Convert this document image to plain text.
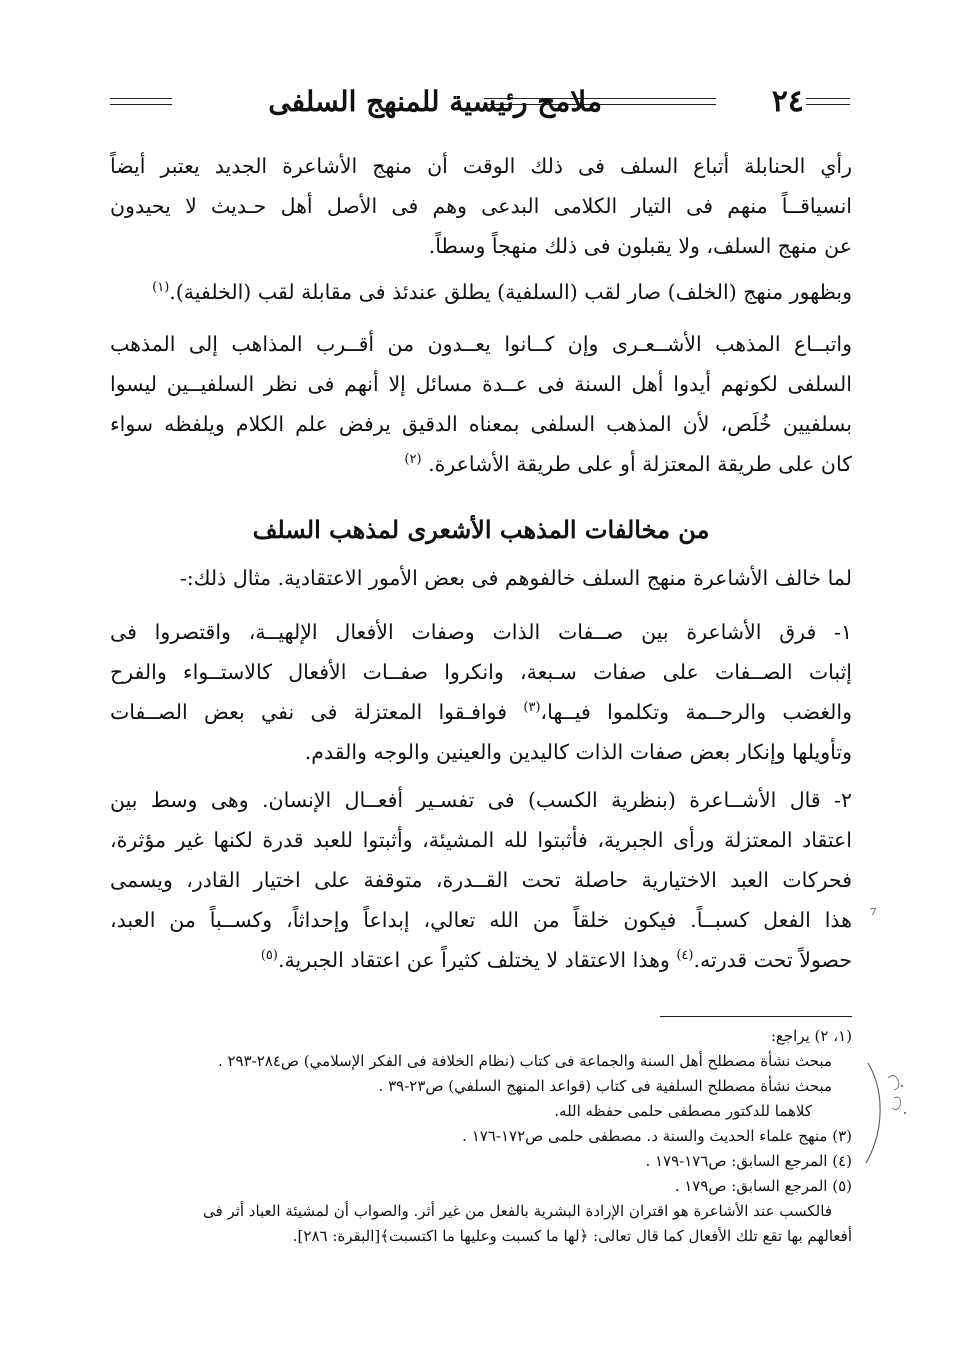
٢٤
ملامح رئيسية للمنهج السلفى
رأي الحنابلة أتباع السلف فى ذلك الوقت أن منهج الأشاعرة الجديد يعتبر أيضاً
انسياقــاً منهم فى التيار الكلامى البدعى وهم فى الأصل أهل حـديث لا يحيدون
عن منهج السلف، ولا يقبلون فى ذلك منهجاً وسطاً.
وبظهور منهج (الخلف) صار لقب (السلفية) يطلق عندئذ فى مقابلة لقب (الخلفية).$^{(١)}$
واتبــاع المذهب الأشــعـرى وإن كــانوا يعــدون من أقــرب المذاهب إلى المذهب
السلفى لكونهم أيدوا أهل السنة فى عــدة مسائل إلا أنهم فى نظر السلفيــين ليسوا
بسلفيين خُلَص، لأن المذهب السلفى بمعناه الدقيق يرفض علم الكلام ويلفظه سواء
كان على طريقة المعتزلة أو على طريقة الأشاعرة. $^{(٢)}$
من مخالفات المذهب الأشعرى لمذهب السلف
لما خالف الأشاعرة منهج السلف خالفوهم فى بعض الأمور الاعتقادية. مثال ذلك:-
١- فرق الأشاعرة بين صــفات الذات وصفات الأفعال الإلهيــة، واقتصروا فى
إثبات الصــفات على صفات سـبعة، وانكروا صفــات الأفعال كالاستــواء والفرح
والغضب والرحــمة وتكلموا فيــها،$^{(٣)}$ فوافـقوا المعتزلة فى نفي بعض الصــفات
وتأويلها وإنكار بعض صفات الذات كاليدين والعينين والوجه والقدم.
٢- قال الأشــاعرة (بنظرية الكسب) فى تفسـير أفعــال الإنسان. وهى وسط بين
اعتقاد المعتزلة ورأى الجبرية، فأثبتوا لله المشيئة، وأثبتوا للعبد قدرة لكنها غير مؤثرة،
فحركات العبد الاختيارية حاصلة تحت القــدرة، متوقفة على اختيار القادر، ويسمى
هذا الفعل كسبــاً. فيكون خلقاً من الله تعالي، إبداعاً وإحداثاً، وكســباً من العبد،
حصولاً تحت قدرته.$^{(٤)}$ وهذا الاعتقاد لا يختلف كثيراً عن اعتقاد الجبرية.$^{(٥)}$
⁷
(١، ٢) يراجع:
مبحث نشأة مصطلح أهل السنة والجماعة فى كتاب (نظام الخلافة فى الفكر الإسلامي) ص٢٨٤-٢٩٣ .
مبحث نشأة مصطلح السلفية فى كتاب (قواعد المنهج السلفي) ص٢٣-٣٩ .
كلاهما للدكتور مصطفى حلمى حفظه الله.
(٣) منهج علماء الحديث والسنة د. مصطفى حلمى ص١٧٢-١٧٦ .
(٤) المرجع السابق: ص١٧٦-١٧٩ .
(٥) المرجع السابق: ص١٧٩ .
فالكسب عند الأشاعرة هو اقتران الإرادة البشرية بالفعل من غير أثر. والصواب أن لمشيئة العباد أثر فى
أفعالهم بها تقع تلك الأفعال كما قال تعالى: ﴿لها ما كسبت وعليها ما اكتسبت﴾[البقرة: ٢٨٦].
